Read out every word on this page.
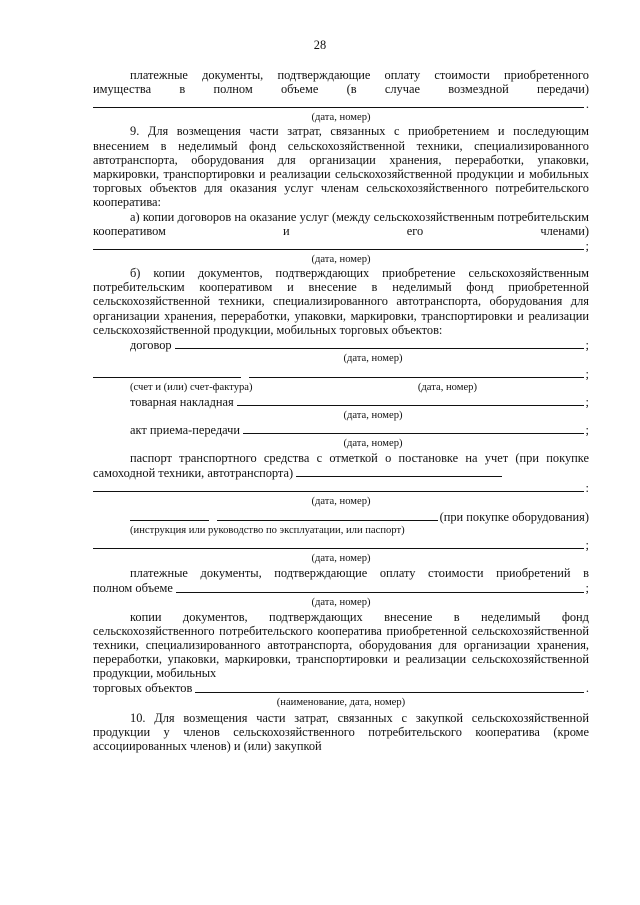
28

платежные документы, подтверждающие оплату стоимости приобретенного

имущества в полном объеме (в случае возмездной передачи)

.
(дата, номер)

9. Для возмещения части затрат, связанных с приобретением и последующим внесением в неделимый фонд сельскохозяйственной техники, специализированного автотранспорта, оборудования для организации хранения, переработки, упаковки, маркировки, транспортировки и реализации сельскохозяйственной продукции и мобильных торговых объектов для оказания услуг членам сельскохозяйственного потребительского кооператива:

а) копии договоров на оказание услуг (между сельскохозяйственным потребительским кооперативом и его членами)

;
(дата, номер)

б) копии документов, подтверждающих приобретение сельскохозяйственным потребительским кооперативом и внесение в неделимый фонд приобретенной сельскохозяйственной техники, специализированного автотранспорта, оборудования для организации хранения, переработки, упаковки, маркировки, транспортировки и реализации сельскохозяйственной продукции, мобильных торговых объектов:

договор	;
(дата, номер)
;
(счет и (или) счет-фактура)	(дата, номер)
товарная накладная	;
(дата, номер)
акт приема-передачи	;
(дата, номер)

паспорт транспортного средства с отметкой о постановке на учет (при покупке самоходной техники, автотранспорта)

:
(дата, номер)
(при покупке оборудования)
(инструкция или руководство по эксплуатации, или паспорт)
;
(дата, номер)

платежные документы, подтверждающие оплату стоимости приобретений в

полном объеме	;
(дата, номер)

копии документов, подтверждающих внесение в неделимый фонд сельскохозяйственного потребительского кооператива приобретенной сельскохозяйственной техники, специализированного автотранспорта, оборудования для организации хранения, переработки, упаковки, маркировки, транспортировки и реализации сельскохозяйственной продукции, мобильных

торговых объектов	.
(наименование, дата, номер)

10. Для возмещения части затрат, связанных с закупкой сельскохозяйственной продукции у членов сельскохозяйственного потребительского кооператива (кроме ассоциированных членов) и (или) закупкой
